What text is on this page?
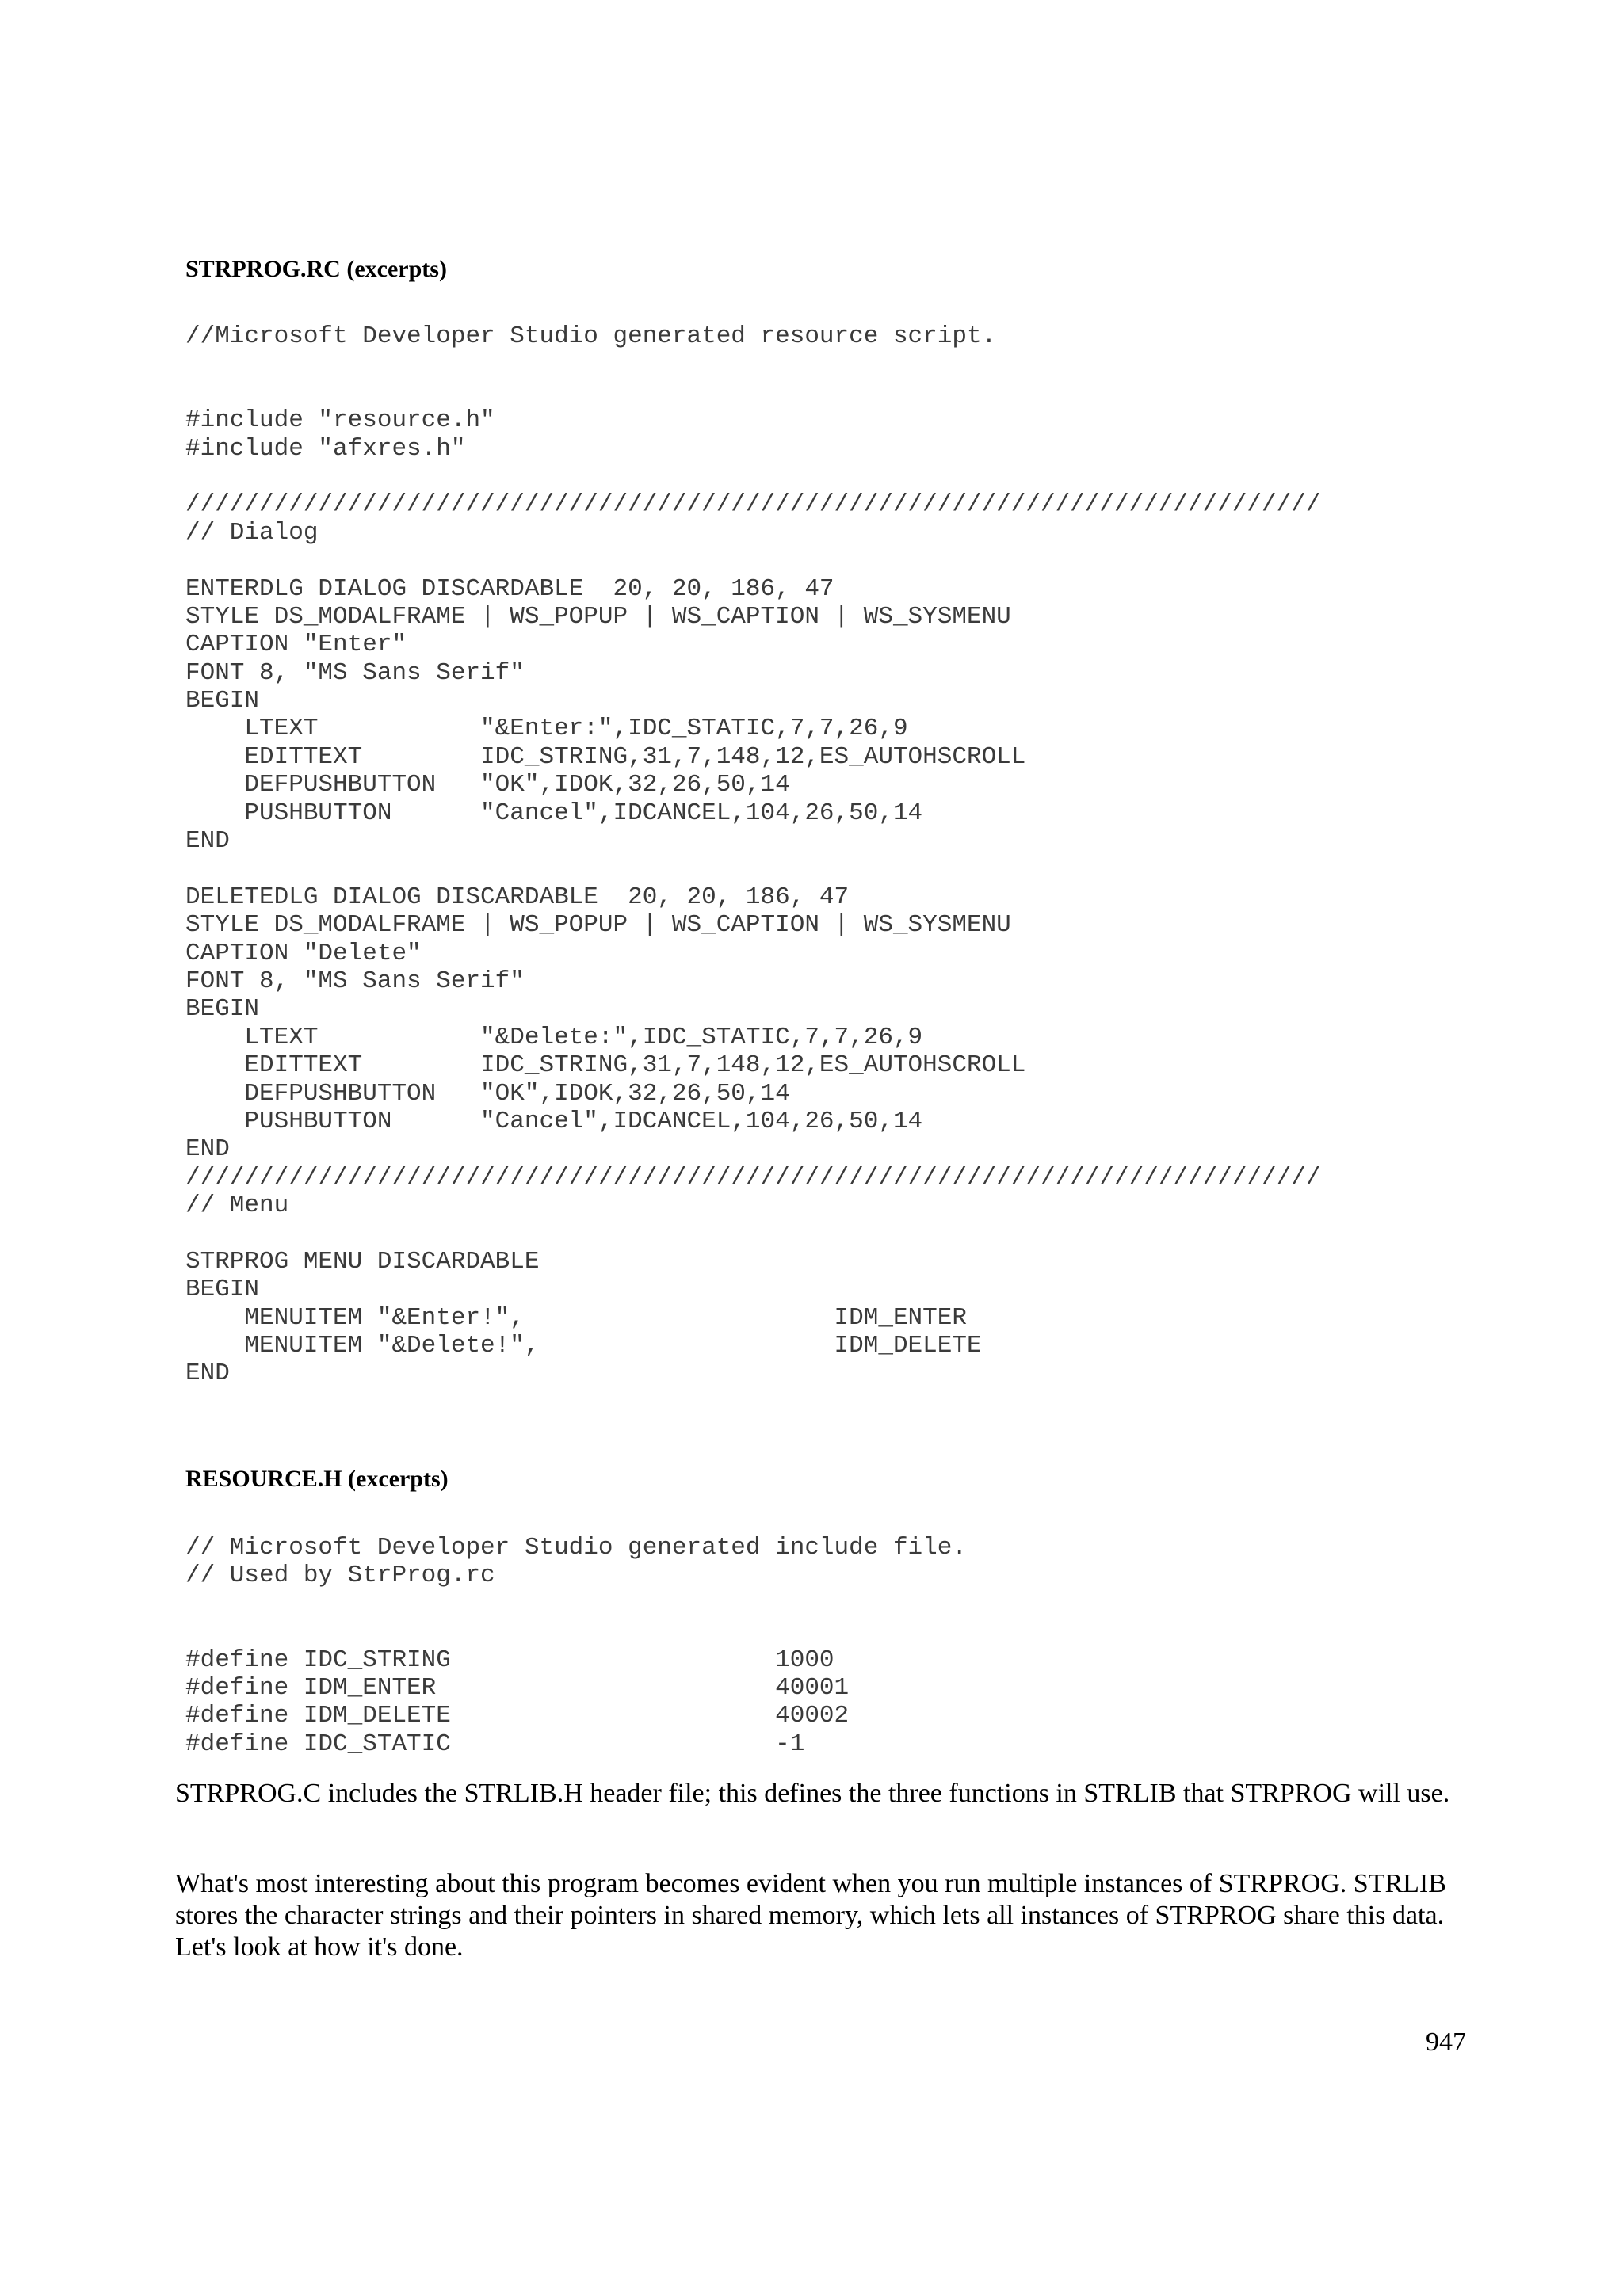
STRPROG.RC (excerpts)
//Microsoft Developer Studio generated resource script.
#include "resource.h"
#include "afxres.h"
/////////////////////////////////////////////////////////////////////////////
// Dialog
ENTERDLG DIALOG DISCARDABLE  20, 20, 186, 47
STYLE DS_MODALFRAME | WS_POPUP | WS_CAPTION | WS_SYSMENU
CAPTION "Enter"
FONT 8, "MS Sans Serif"
BEGIN
LTEXT           "&Enter:",IDC_STATIC,7,7,26,9
EDITTEXT        IDC_STRING,31,7,148,12,ES_AUTOHSCROLL
DEFPUSHBUTTON   "OK",IDOK,32,26,50,14
PUSHBUTTON      "Cancel",IDCANCEL,104,26,50,14
END
DELETEDLG DIALOG DISCARDABLE  20, 20, 186, 47
STYLE DS_MODALFRAME | WS_POPUP | WS_CAPTION | WS_SYSMENU
CAPTION "Delete"
FONT 8, "MS Sans Serif"
BEGIN
LTEXT           "&Delete:",IDC_STATIC,7,7,26,9
EDITTEXT        IDC_STRING,31,7,148,12,ES_AUTOHSCROLL
DEFPUSHBUTTON   "OK",IDOK,32,26,50,14
PUSHBUTTON      "Cancel",IDCANCEL,104,26,50,14
END
/////////////////////////////////////////////////////////////////////////////
// Menu
STRPROG MENU DISCARDABLE
BEGIN
MENUITEM "&Enter!",                     IDM_ENTER
MENUITEM "&Delete!",                    IDM_DELETE
END
RESOURCE.H (excerpts)
// Microsoft Developer Studio generated include file.
// Used by StrProg.rc
#define IDC_STRING                      1000
#define IDM_ENTER                       40001
#define IDM_DELETE                      40002
#define IDC_STATIC                      -1

STRPROG.C includes the STRLIB.H header file; this defines the three functions in STRLIB that STRPROG will use.

What's most interesting about this program becomes evident when you run multiple instances of STRPROG. STRLIB stores the character strings and their pointers in shared memory, which lets all instances of STRPROG share this data. Let's look at how it's done.

947
